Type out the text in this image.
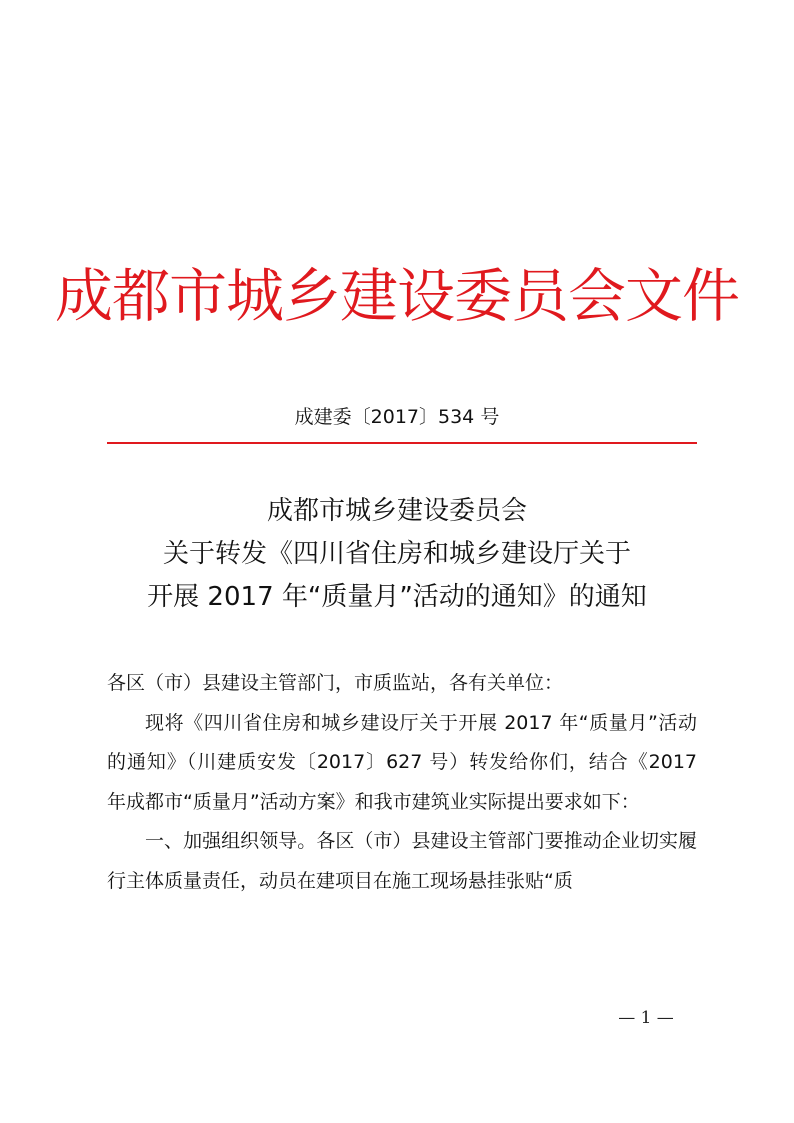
成都市城乡建设委员会文件
成建委〔2017〕534 号
成都市城乡建设委员会
关于转发《四川省住房和城乡建设厅关于
开展 2017 年“质量月”活动的通知》的通知

各区（市）县建设主管部门，市质监站，各有关单位：

现将《四川省住房和城乡建设厅关于开展 2017 年“质量月”活动的通知》（川建质安发〔2017〕627 号）转发给你们，结合《2017 年成都市“质量月”活动方案》和我市建筑业实际提出要求如下：

一、加强组织领导。各区（市）县建设主管部门要推动企业切实履行主体质量责任，动员在建项目在施工现场悬挂张贴“质

— 1 —
